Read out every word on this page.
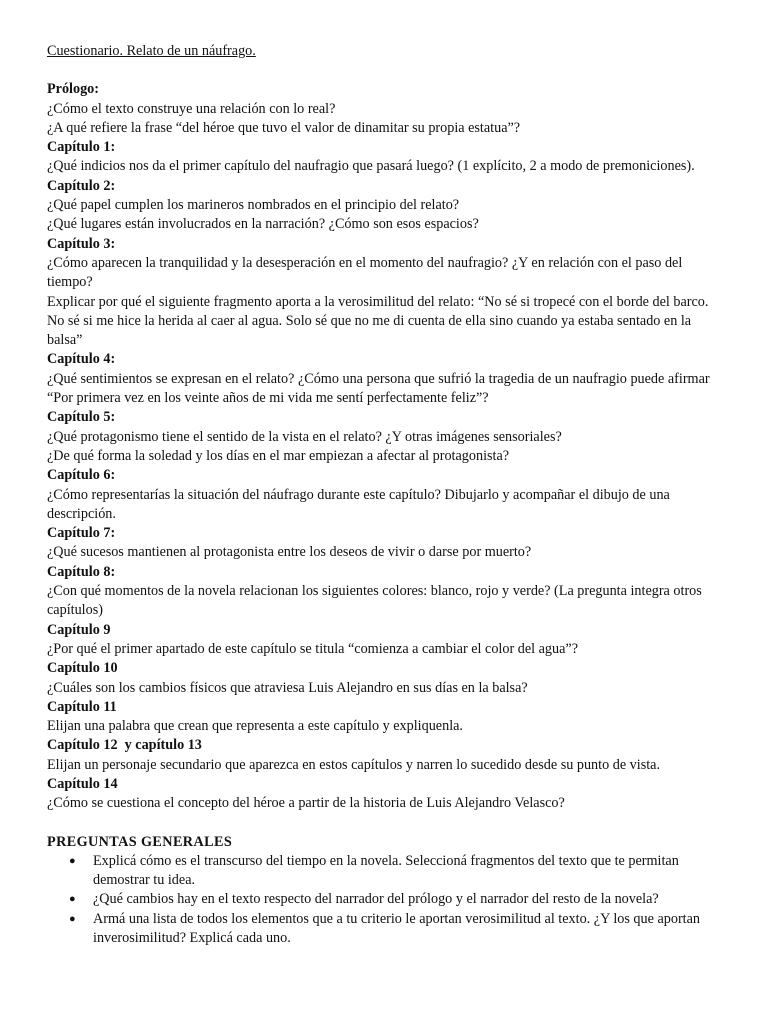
Cuestionario. Relato de un náufrago.

Prólogo:

¿Cómo el texto construye una relación con lo real?

¿A qué refiere la frase “del héroe que tuvo el valor de dinamitar su propia estatua”?

Capítulo 1:

¿Qué indicios nos da el primer capítulo del naufragio que pasará luego? (1 explícito, 2 a modo de premoniciones).

Capítulo 2:

¿Qué papel cumplen los marineros nombrados en el principio del relato?

¿Qué lugares están involucrados en la narración? ¿Cómo son esos espacios?

Capítulo 3:

¿Cómo aparecen la tranquilidad y la desesperación en el momento del naufragio? ¿Y en relación con el paso del tiempo?

Explicar por qué el siguiente fragmento aporta a la verosimilitud del relato: “No sé si tropecé con el borde del barco. No sé si me hice la herida al caer al agua. Solo sé que no me di cuenta de ella sino cuando ya estaba sentado en la balsa”

Capítulo 4:

¿Qué sentimientos se expresan en el relato? ¿Cómo una persona que sufrió la tragedia de un naufragio puede afirmar “Por primera vez en los veinte años de mi vida me sentí perfectamente feliz”?

Capítulo 5:

¿Qué protagonismo tiene el sentido de la vista en el relato? ¿Y otras imágenes sensoriales?

¿De qué forma la soledad y los días en el mar empiezan a afectar al protagonista?

Capítulo 6:

¿Cómo representarías la situación del náufrago durante este capítulo? Dibujarlo y acompañar el dibujo de una descripción.

Capítulo 7:

¿Qué sucesos mantienen al protagonista entre los deseos de vivir o darse por muerto?

Capítulo 8:

¿Con qué momentos de la novela relacionan los siguientes colores: blanco, rojo y verde? (La pregunta integra otros capítulos)

Capítulo 9

¿Por qué el primer apartado de este capítulo se titula “comienza a cambiar el color del agua”?

Capítulo 10

¿Cuáles son los cambios físicos que atraviesa Luis Alejandro en sus días en la balsa?

Capítulo 11

Elijan una palabra que crean que representa a este capítulo y expliquenla.

Capítulo 12  y capítulo 13

Elijan un personaje secundario que aparezca en estos capítulos y narren lo sucedido desde su punto de vista.

Capítulo 14

¿Cómo se cuestiona el concepto del héroe a partir de la historia de Luis Alejandro Velasco?

PREGUNTAS GENERALES

● Explicá cómo es el transcurso del tiempo en la novela. Seleccioná fragmentos del texto que te permitan demostrar tu idea.
● ¿Qué cambios hay en el texto respecto del narrador del prólogo y el narrador del resto de la novela?
● Armá una lista de todos los elementos que a tu criterio le aportan verosimilitud al texto. ¿Y los que aportan inverosimilitud? Explicá cada uno.
